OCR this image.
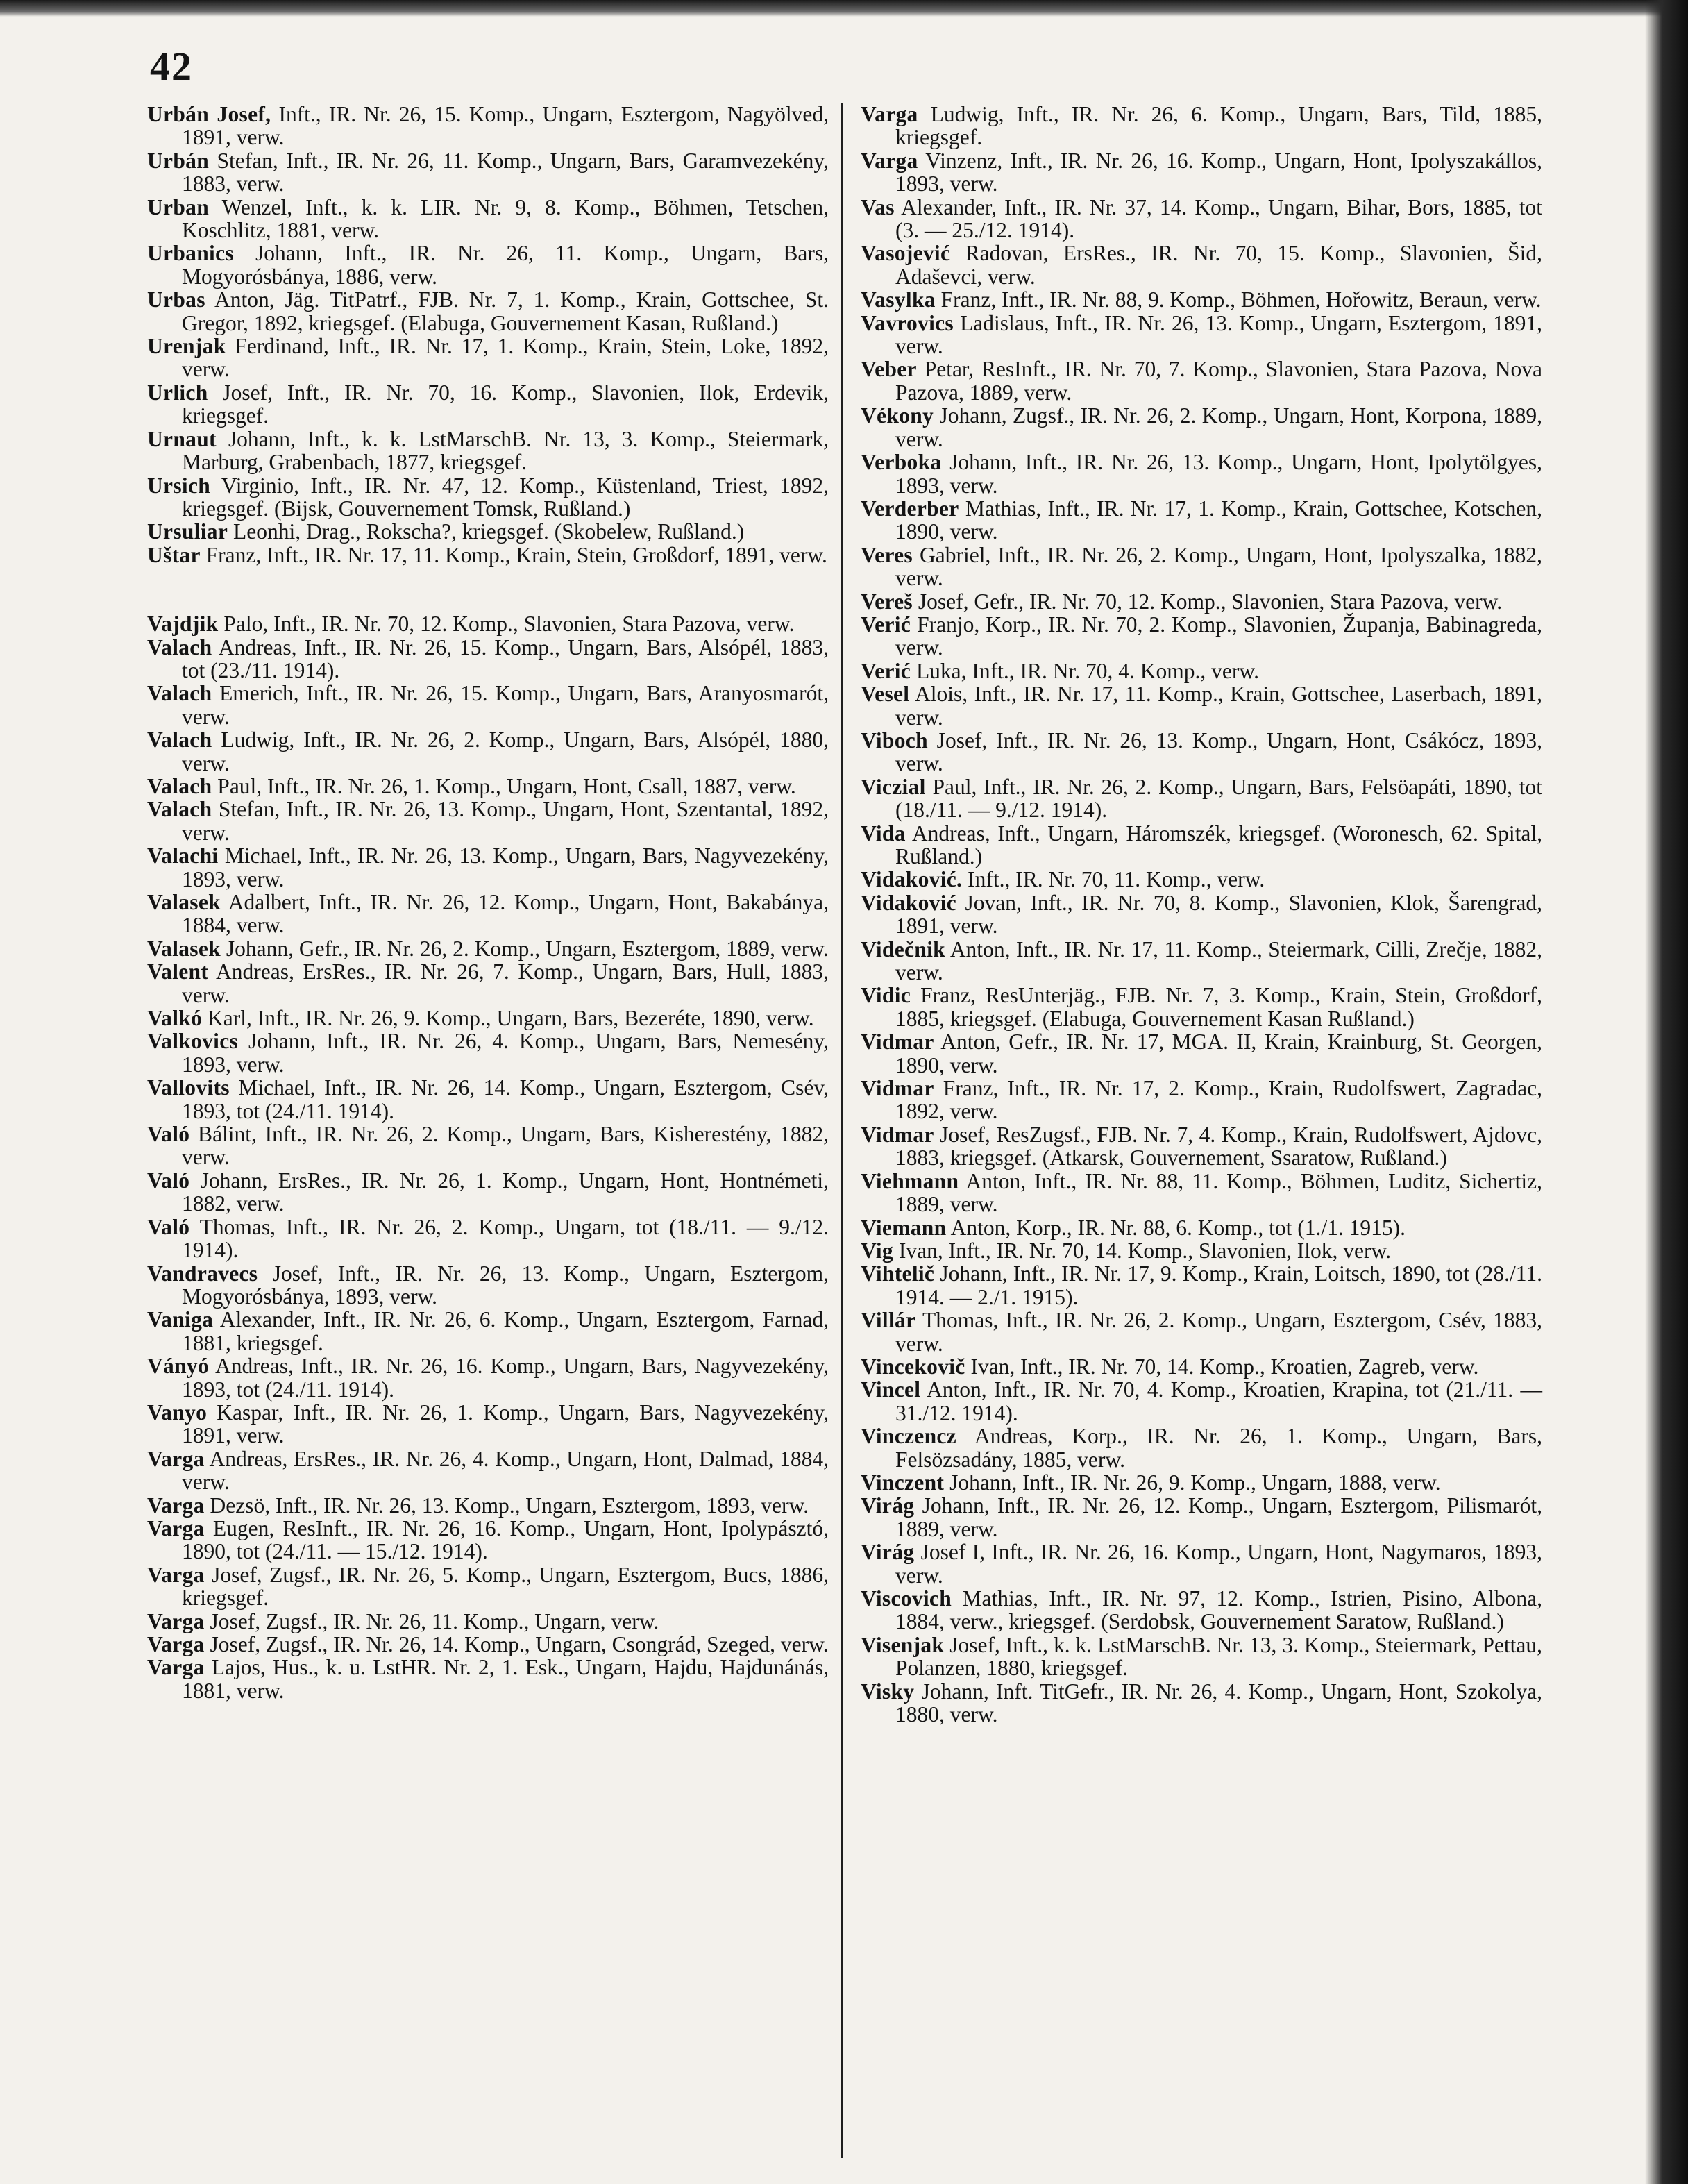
42

Urbán Josef, Inft., IR. Nr. 26, 15. Komp., Ungarn, Esztergom, Nagyölved, 1891, verw.

Urbán Stefan, Inft., IR. Nr. 26, 11. Komp., Ungarn, Bars, Garamvezekény, 1883, verw.

Urban Wenzel, Inft., k. k. LIR. Nr. 9, 8. Komp., Böhmen, Tetschen, Koschlitz, 1881, verw.

Urbanics Johann, Inft., IR. Nr. 26, 11. Komp., Ungarn, Bars, Mogyorósbánya, 1886, verw.

Urbas Anton, Jäg. TitPatrf., FJB. Nr. 7, 1. Komp., Krain, Gottschee, St. Gregor, 1892, kriegsgef. (Elabuga, Gouvernement Kasan, Rußland.)

Urenjak Ferdinand, Inft., IR. Nr. 17, 1. Komp., Krain, Stein, Loke, 1892, verw.

Urlich Josef, Inft., IR. Nr. 70, 16. Komp., Slavonien, Ilok, Erdevik, kriegsgef.

Urnaut Johann, Inft., k. k. LstMarschB. Nr. 13, 3. Komp., Steiermark, Marburg, Grabenbach, 1877, kriegsgef.

Ursich Virginio, Inft., IR. Nr. 47, 12. Komp., Küstenland, Triest, 1892, kriegsgef. (Bijsk, Gouvernement Tomsk, Rußland.)

Ursuliar Leonhi, Drag., Rokscha?, kriegsgef. (Skobelew, Rußland.)

Uštar Franz, Inft., IR. Nr. 17, 11. Komp., Krain, Stein, Großdorf, 1891, verw.

Vajdjik Palo, Inft., IR. Nr. 70, 12. Komp., Slavonien, Stara Pazova, verw.

Valach Andreas, Inft., IR. Nr. 26, 15. Komp., Ungarn, Bars, Alsópél, 1883, tot (23./11. 1914).

Valach Emerich, Inft., IR. Nr. 26, 15. Komp., Ungarn, Bars, Aranyosmarót, verw.

Valach Ludwig, Inft., IR. Nr. 26, 2. Komp., Ungarn, Bars, Alsópél, 1880, verw.

Valach Paul, Inft., IR. Nr. 26, 1. Komp., Ungarn, Hont, Csall, 1887, verw.

Valach Stefan, Inft., IR. Nr. 26, 13. Komp., Ungarn, Hont, Szentantal, 1892, verw.

Valachi Michael, Inft., IR. Nr. 26, 13. Komp., Ungarn, Bars, Nagyvezekény, 1893, verw.

Valasek Adalbert, Inft., IR. Nr. 26, 12. Komp., Ungarn, Hont, Bakabánya, 1884, verw.

Valasek Johann, Gefr., IR. Nr. 26, 2. Komp., Ungarn, Esztergom, 1889, verw.

Valent Andreas, ErsRes., IR. Nr. 26, 7. Komp., Ungarn, Bars, Hull, 1883, verw.

Valkó Karl, Inft., IR. Nr. 26, 9. Komp., Ungarn, Bars, Bezeréte, 1890, verw.

Valkovics Johann, Inft., IR. Nr. 26, 4. Komp., Ungarn, Bars, Nemesény, 1893, verw.

Vallovits Michael, Inft., IR. Nr. 26, 14. Komp., Ungarn, Esztergom, Csév, 1893, tot (24./11. 1914).

Való Bálint, Inft., IR. Nr. 26, 2. Komp., Ungarn, Bars, Kisherestény, 1882, verw.

Való Johann, ErsRes., IR. Nr. 26, 1. Komp., Ungarn, Hont, Hontnémeti, 1882, verw.

Való Thomas, Inft., IR. Nr. 26, 2. Komp., Ungarn, tot (18./11. — 9./12. 1914).

Vandravecs Josef, Inft., IR. Nr. 26, 13. Komp., Ungarn, Esztergom, Mogyorósbánya, 1893, verw.

Vaniga Alexander, Inft., IR. Nr. 26, 6. Komp., Ungarn, Esztergom, Farnad, 1881, kriegsgef.

Ványó Andreas, Inft., IR. Nr. 26, 16. Komp., Ungarn, Bars, Nagyvezekény, 1893, tot (24./11. 1914).

Vanyo Kaspar, Inft., IR. Nr. 26, 1. Komp., Ungarn, Bars, Nagyvezekény, 1891, verw.

Varga Andreas, ErsRes., IR. Nr. 26, 4. Komp., Ungarn, Hont, Dalmad, 1884, verw.

Varga Dezsö, Inft., IR. Nr. 26, 13. Komp., Ungarn, Esztergom, 1893, verw.

Varga Eugen, ResInft., IR. Nr. 26, 16. Komp., Ungarn, Hont, Ipolypásztó, 1890, tot (24./11. — 15./12. 1914).

Varga Josef, Zugsf., IR. Nr. 26, 5. Komp., Ungarn, Esztergom, Bucs, 1886, kriegsgef.

Varga Josef, Zugsf., IR. Nr. 26, 11. Komp., Ungarn, verw.

Varga Josef, Zugsf., IR. Nr. 26, 14. Komp., Ungarn, Csongrád, Szeged, verw.

Varga Lajos, Hus., k. u. LstHR. Nr. 2, 1. Esk., Ungarn, Hajdu, Hajdunánás, 1881, verw.

Varga Ludwig, Inft., IR. Nr. 26, 6. Komp., Ungarn, Bars, Tild, 1885, kriegsgef.

Varga Vinzenz, Inft., IR. Nr. 26, 16. Komp., Ungarn, Hont, Ipolyszakállos, 1893, verw.

Vas Alexander, Inft., IR. Nr. 37, 14. Komp., Ungarn, Bihar, Bors, 1885, tot (3. — 25./12. 1914).

Vasojević Radovan, ErsRes., IR. Nr. 70, 15. Komp., Slavonien, Šid, Adaševci, verw.

Vasylka Franz, Inft., IR. Nr. 88, 9. Komp., Böhmen, Hořowitz, Beraun, verw.

Vavrovics Ladislaus, Inft., IR. Nr. 26, 13. Komp., Ungarn, Esztergom, 1891, verw.

Veber Petar, ResInft., IR. Nr. 70, 7. Komp., Slavonien, Stara Pazova, Nova Pazova, 1889, verw.

Vékony Johann, Zugsf., IR. Nr. 26, 2. Komp., Ungarn, Hont, Korpona, 1889, verw.

Verboka Johann, Inft., IR. Nr. 26, 13. Komp., Ungarn, Hont, Ipolytölgyes, 1893, verw.

Verderber Mathias, Inft., IR. Nr. 17, 1. Komp., Krain, Gottschee, Kotschen, 1890, verw.

Veres Gabriel, Inft., IR. Nr. 26, 2. Komp., Ungarn, Hont, Ipolyszalka, 1882, verw.

Vereš Josef, Gefr., IR. Nr. 70, 12. Komp., Slavonien, Stara Pazova, verw.

Verić Franjo, Korp., IR. Nr. 70, 2. Komp., Slavonien, Županja, Babinagreda, verw.

Verić Luka, Inft., IR. Nr. 70, 4. Komp., verw.

Vesel Alois, Inft., IR. Nr. 17, 11. Komp., Krain, Gottschee, Laserbach, 1891, verw.

Viboch Josef, Inft., IR. Nr. 26, 13. Komp., Ungarn, Hont, Csákócz, 1893, verw.

Viczial Paul, Inft., IR. Nr. 26, 2. Komp., Ungarn, Bars, Felsöapáti, 1890, tot (18./11. — 9./12. 1914).

Vida Andreas, Inft., Ungarn, Háromszék, kriegsgef. (Woronesch, 62. Spital, Rußland.)

Vidaković. Inft., IR. Nr. 70, 11. Komp., verw.

Vidaković Jovan, Inft., IR. Nr. 70, 8. Komp., Slavonien, Klok, Šarengrad, 1891, verw.

Videčnik Anton, Inft., IR. Nr. 17, 11. Komp., Steiermark, Cilli, Zrečje, 1882, verw.

Vidic Franz, ResUnterjäg., FJB. Nr. 7, 3. Komp., Krain, Stein, Großdorf, 1885, kriegsgef. (Elabuga, Gouvernement Kasan Rußland.)

Vidmar Anton, Gefr., IR. Nr. 17, MGA. II, Krain, Krainburg, St. Georgen, 1890, verw.

Vidmar Franz, Inft., IR. Nr. 17, 2. Komp., Krain, Rudolfswert, Zagradac, 1892, verw.

Vidmar Josef, ResZugsf., FJB. Nr. 7, 4. Komp., Krain, Rudolfswert, Ajdovc, 1883, kriegsgef. (Atkarsk, Gouvernement, Ssaratow, Rußland.)

Viehmann Anton, Inft., IR. Nr. 88, 11. Komp., Böhmen, Luditz, Sichertiz, 1889, verw.

Viemann Anton, Korp., IR. Nr. 88, 6. Komp., tot (1./1. 1915).

Vig Ivan, Inft., IR. Nr. 70, 14. Komp., Slavonien, Ilok, verw.

Vihtelič Johann, Inft., IR. Nr. 17, 9. Komp., Krain, Loitsch, 1890, tot (28./11. 1914. — 2./1. 1915).

Villár Thomas, Inft., IR. Nr. 26, 2. Komp., Ungarn, Esztergom, Csév, 1883, verw.

Vincekovič Ivan, Inft., IR. Nr. 70, 14. Komp., Kroatien, Zagreb, verw.

Vincel Anton, Inft., IR. Nr. 70, 4. Komp., Kroatien, Krapina, tot (21./11. — 31./12. 1914).

Vinczencz Andreas, Korp., IR. Nr. 26, 1. Komp., Ungarn, Bars, Felsözsadány, 1885, verw.

Vinczent Johann, Inft., IR. Nr. 26, 9. Komp., Ungarn, 1888, verw.

Virág Johann, Inft., IR. Nr. 26, 12. Komp., Ungarn, Esztergom, Pilismarót, 1889, verw.

Virág Josef I, Inft., IR. Nr. 26, 16. Komp., Ungarn, Hont, Nagymaros, 1893, verw.

Viscovich Mathias, Inft., IR. Nr. 97, 12. Komp., Istrien, Pisino, Albona, 1884, verw., kriegsgef. (Serdobsk, Gouvernement Saratow, Rußland.)

Visenjak Josef, Inft., k. k. LstMarschB. Nr. 13, 3. Komp., Steiermark, Pettau, Polanzen, 1880, kriegsgef.

Visky Johann, Inft. TitGefr., IR. Nr. 26, 4. Komp., Ungarn, Hont, Szokolya, 1880, verw.
